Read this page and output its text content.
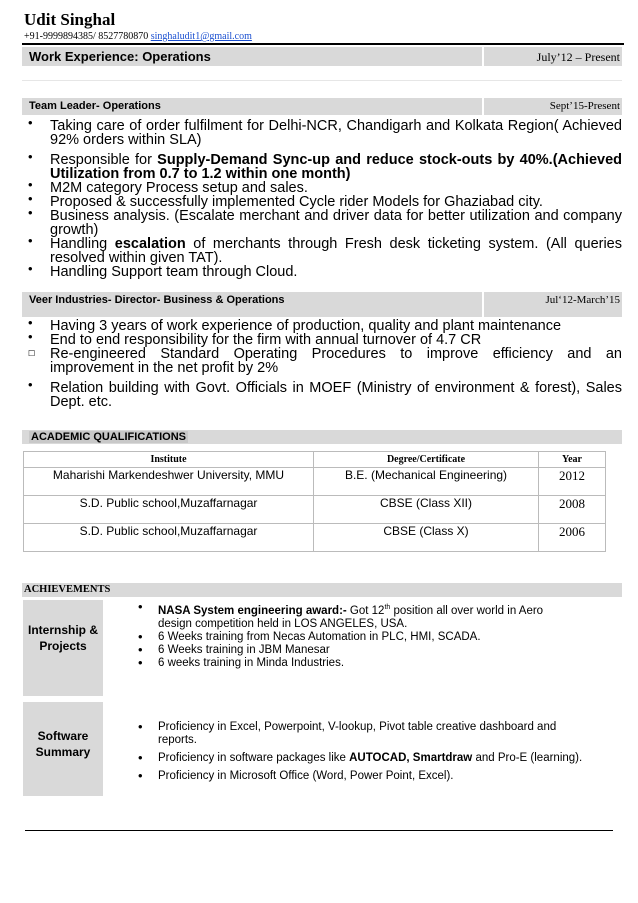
Udit Singhal
+91-9999894385/ 8527780870 singhaludit1@gmail.com
Work Experience: Operations	July’12 – Present
Team Leader- Operations	Sept’15-Present
• Taking care of order fulfilment for Delhi-NCR, Chandigarh and Kolkata Region( Achieved 92% orders within SLA)
• Responsible for Supply-Demand Sync-up and reduce stock-outs by 40%.(Achieved Utilization from 0.7 to 1.2 within one month)
• M2M category Process setup and sales.
• Proposed & successfully implemented Cycle rider Models for Ghaziabad city.
• Business analysis. (Escalate merchant and driver data for better utilization and company growth)
• Handling escalation of merchants through Fresh desk ticketing system. (All queries resolved within given TAT).
• Handling Support team through Cloud.
Veer Industries- Director- Business & Operations	Jul‘12-March’15
• Having 3 years of work experience of production, quality and plant maintenance
• End to end responsibility for the firm with annual turnover of 4.7 CR
☐ Re-engineered Standard Operating Procedures to improve efficiency and an improvement in the net profit by 2%
• Relation building with Govt. Officials in MOEF (Ministry of environment & forest), Sales Dept. etc.
ACADEMIC QUALIFICATIONS
Institute	Degree/Certificate	Year
Maharishi Markendeshwer University, MMU	B.E. (Mechanical Engineering)	2012
S.D. Public school,Muzaffarnagar	CBSE (Class XII)	2008
S.D. Public school,Muzaffarnagar	CBSE (Class X)	2006
ACHIEVEMENTS
Internship & Projects
• NASA System engineering award:- Got 12th position all over world in Aero design competition held in LOS ANGELES, USA.
• 6 Weeks training from Necas Automation in PLC, HMI, SCADA.
• 6 Weeks training in JBM Manesar
• 6 weeks training in Minda Industries.
Software Summary
• Proficiency in Excel, Powerpoint, V-lookup, Pivot table creative dashboard and reports.
• Proficiency in software packages like AUTOCAD, Smartdraw and Pro-E (learning).
• Proficiency in Microsoft Office (Word, Power Point, Excel).
